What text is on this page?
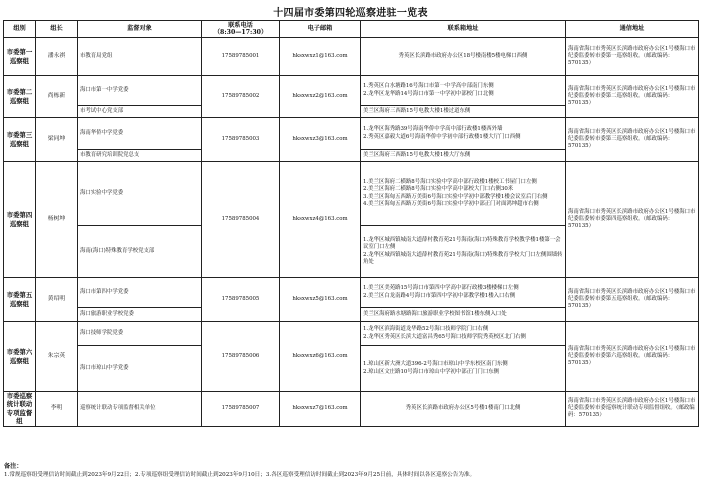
十四届市委第四轮巡察进驻一览表
组别	组长	监督对象	联系电话
（8:30—17:30）	电子邮箱	联系箱地址	通信地址
市委第一巡察组	潘永祺	市教育局党组	17589785001	hksxwxz1@163.com	秀英区长滨路市政府办公区18号楼南楼5楼电梯口西侧	海南省海口市秀英区长滨路市政府办公区1号楼海口市纪委监委转市委第一巡察组收。（邮政编码：570135）
市委第二巡察组	尚栋新	海口市第一中学党委	17589785002	hksxwxz2@163.com	1.秀英区白水塘路16号海口市第一中学高中部南门东侧
2.龙华区龙华路14号海口市第一中学初中部校门口北侧	海南省海口市秀英区长滨路市政府办公区1号楼海口市纪委监委转市委第二巡察组收。（邮政编码：570135）
		市考试中心党支部			美兰区海府三西路15号电教大楼1楼过道东侧	

市委第三巡察组	梁同坤	海南华侨中学党委	17589785003	hksxwxz3@163.com	1.龙华区海秀路39号海南华侨中学高中部行政楼1楼西外墙
2.秀英区嘉毅大道6号海南华侨中学初中部行政楼1楼大厅门口西侧	海南省海口市秀英区长滨路市政府办公区1号楼海口市纪委监委转市委第三巡察组收。（邮政编码：570135）
		市教育研究培训院党总支			美兰区海府三西路15号电教大楼1楼大厅东侧	

市委第四巡察组	杨树坤	海口实验中学党委	17589785004	hksxwxz4@163.com	1.美兰区海府二横路8号海口实验中学高中部行政楼1楼校工书屋门口左侧
2.美兰区海府二横路8号海口实验中学高中部校大门口右侧30米
3.美兰区海甸五西路万美街6号海口实验中学初中部教学楼1楼会议室后门右侧
4.美兰区海甸五西路万美街6号海口实验中学初中部正门对面鸿坤超市右侧	海南省海口市秀英区长滨路市政府办公区1号楼海口市纪委监委转市委第四巡察组收。（邮政编码：570135）
		海南(海口)特殊教育学校党支部			1.龙华区城西镇城南大道薛村教育苑21号海南(海口)特殊教育学校教学楼1楼第一会议室门口左侧
2.龙华区城西镇城南大道薛村教育苑21号海南(海口)特殊教育学校大门口左侧围墙转角处	

市委第五巡察组	黄绍明	海口市第四中学党委	17589785005	hksxwxz5@163.com	1.美兰区美苑路15号海口市第四中学高中部行政楼3楼楼梯口左侧
2.美兰区白龙南路4号海口市第四中学初中部教学楼1楼入口右侧	海南省海口市秀英区长滨路市政府办公区1号楼海口市纪委监委转市委第五巡察组收。（邮政编码：570135）
		海口旅游职业学校党委			美兰区海府路水塘路海口旅游职业学校图书馆1楼东侧入口处	

市委第六巡察组	朱宗英	海口技师学院党委	17589785006	hksxwxz6@163.com	1.龙华区滨海街道龙华路52号海口技师学院门口右侧
2.龙华区秀英区长滨大道富昌秀65号海口技师学院秀英校区北门右侧	海南省海口市秀英区长滨路市政府办公区1号楼海口市纪委监委转市委第六巡察组收。（邮政编码：570135）
		海口市琼山中学党委			1.琼山区新大洲大道396-2号海口市琼山中学东校区南门东侧
2.琼山区文庄路10号海口市琼山中学初中部正门门口东侧	

市委巡察统计联动专项监督组	李明	巡察统计联动专项监督相关单位	17589785007	hksxwxz7@163.com	秀英区长滨路市政府办公区5号楼1楼南门口北侧	海南省海口市秀英区长滨路市政府办公区1号楼海口市纪委监委转市委巡察统计联动专项监督组收。（邮政编码：570135）
备注：
1.常规巡察组受理信访时间截止到2023年9月22日；2.专项巡察组受理信访时间截止到2023年9月10日；3.各区巡察受理信访时间截止到2023年9月25日前，具体时间以各区巡察公告为准。
